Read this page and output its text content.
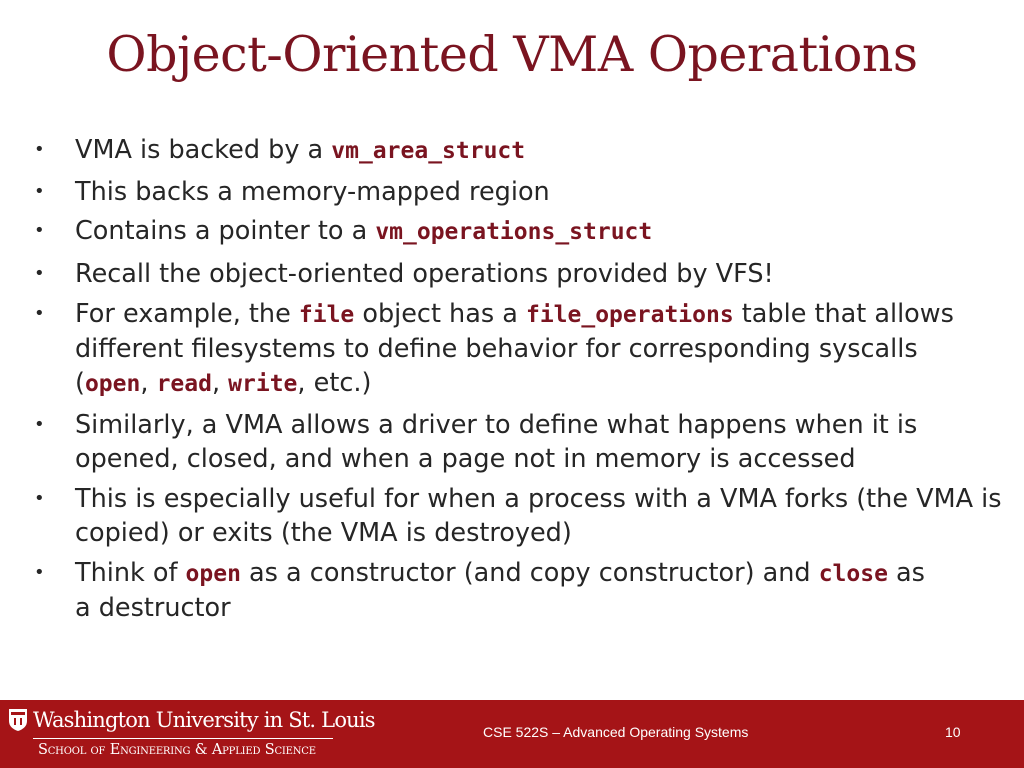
Object-Oriented VMA Operations
• VMA is backed by a vm_area_struct
• This backs a memory-mapped region
• Contains a pointer to a vm_operations_struct
• Recall the object-oriented operations provided by VFS!
• For example, the file object has a file_operations table that allows different filesystems to define behavior for corresponding syscalls (open, read, write, etc.)
• Similarly, a VMA allows a driver to define what happens when it is opened, closed, and when a page not in memory is accessed
• This is especially useful for when a process with a VMA forks (the VMA is copied) or exits (the VMA is destroyed)
• Think of open as a constructor (and copy constructor) and close as a destructor
Washington University in St. Louis
School of Engineering & Applied Science
CSE 522S – Advanced Operating Systems	10
